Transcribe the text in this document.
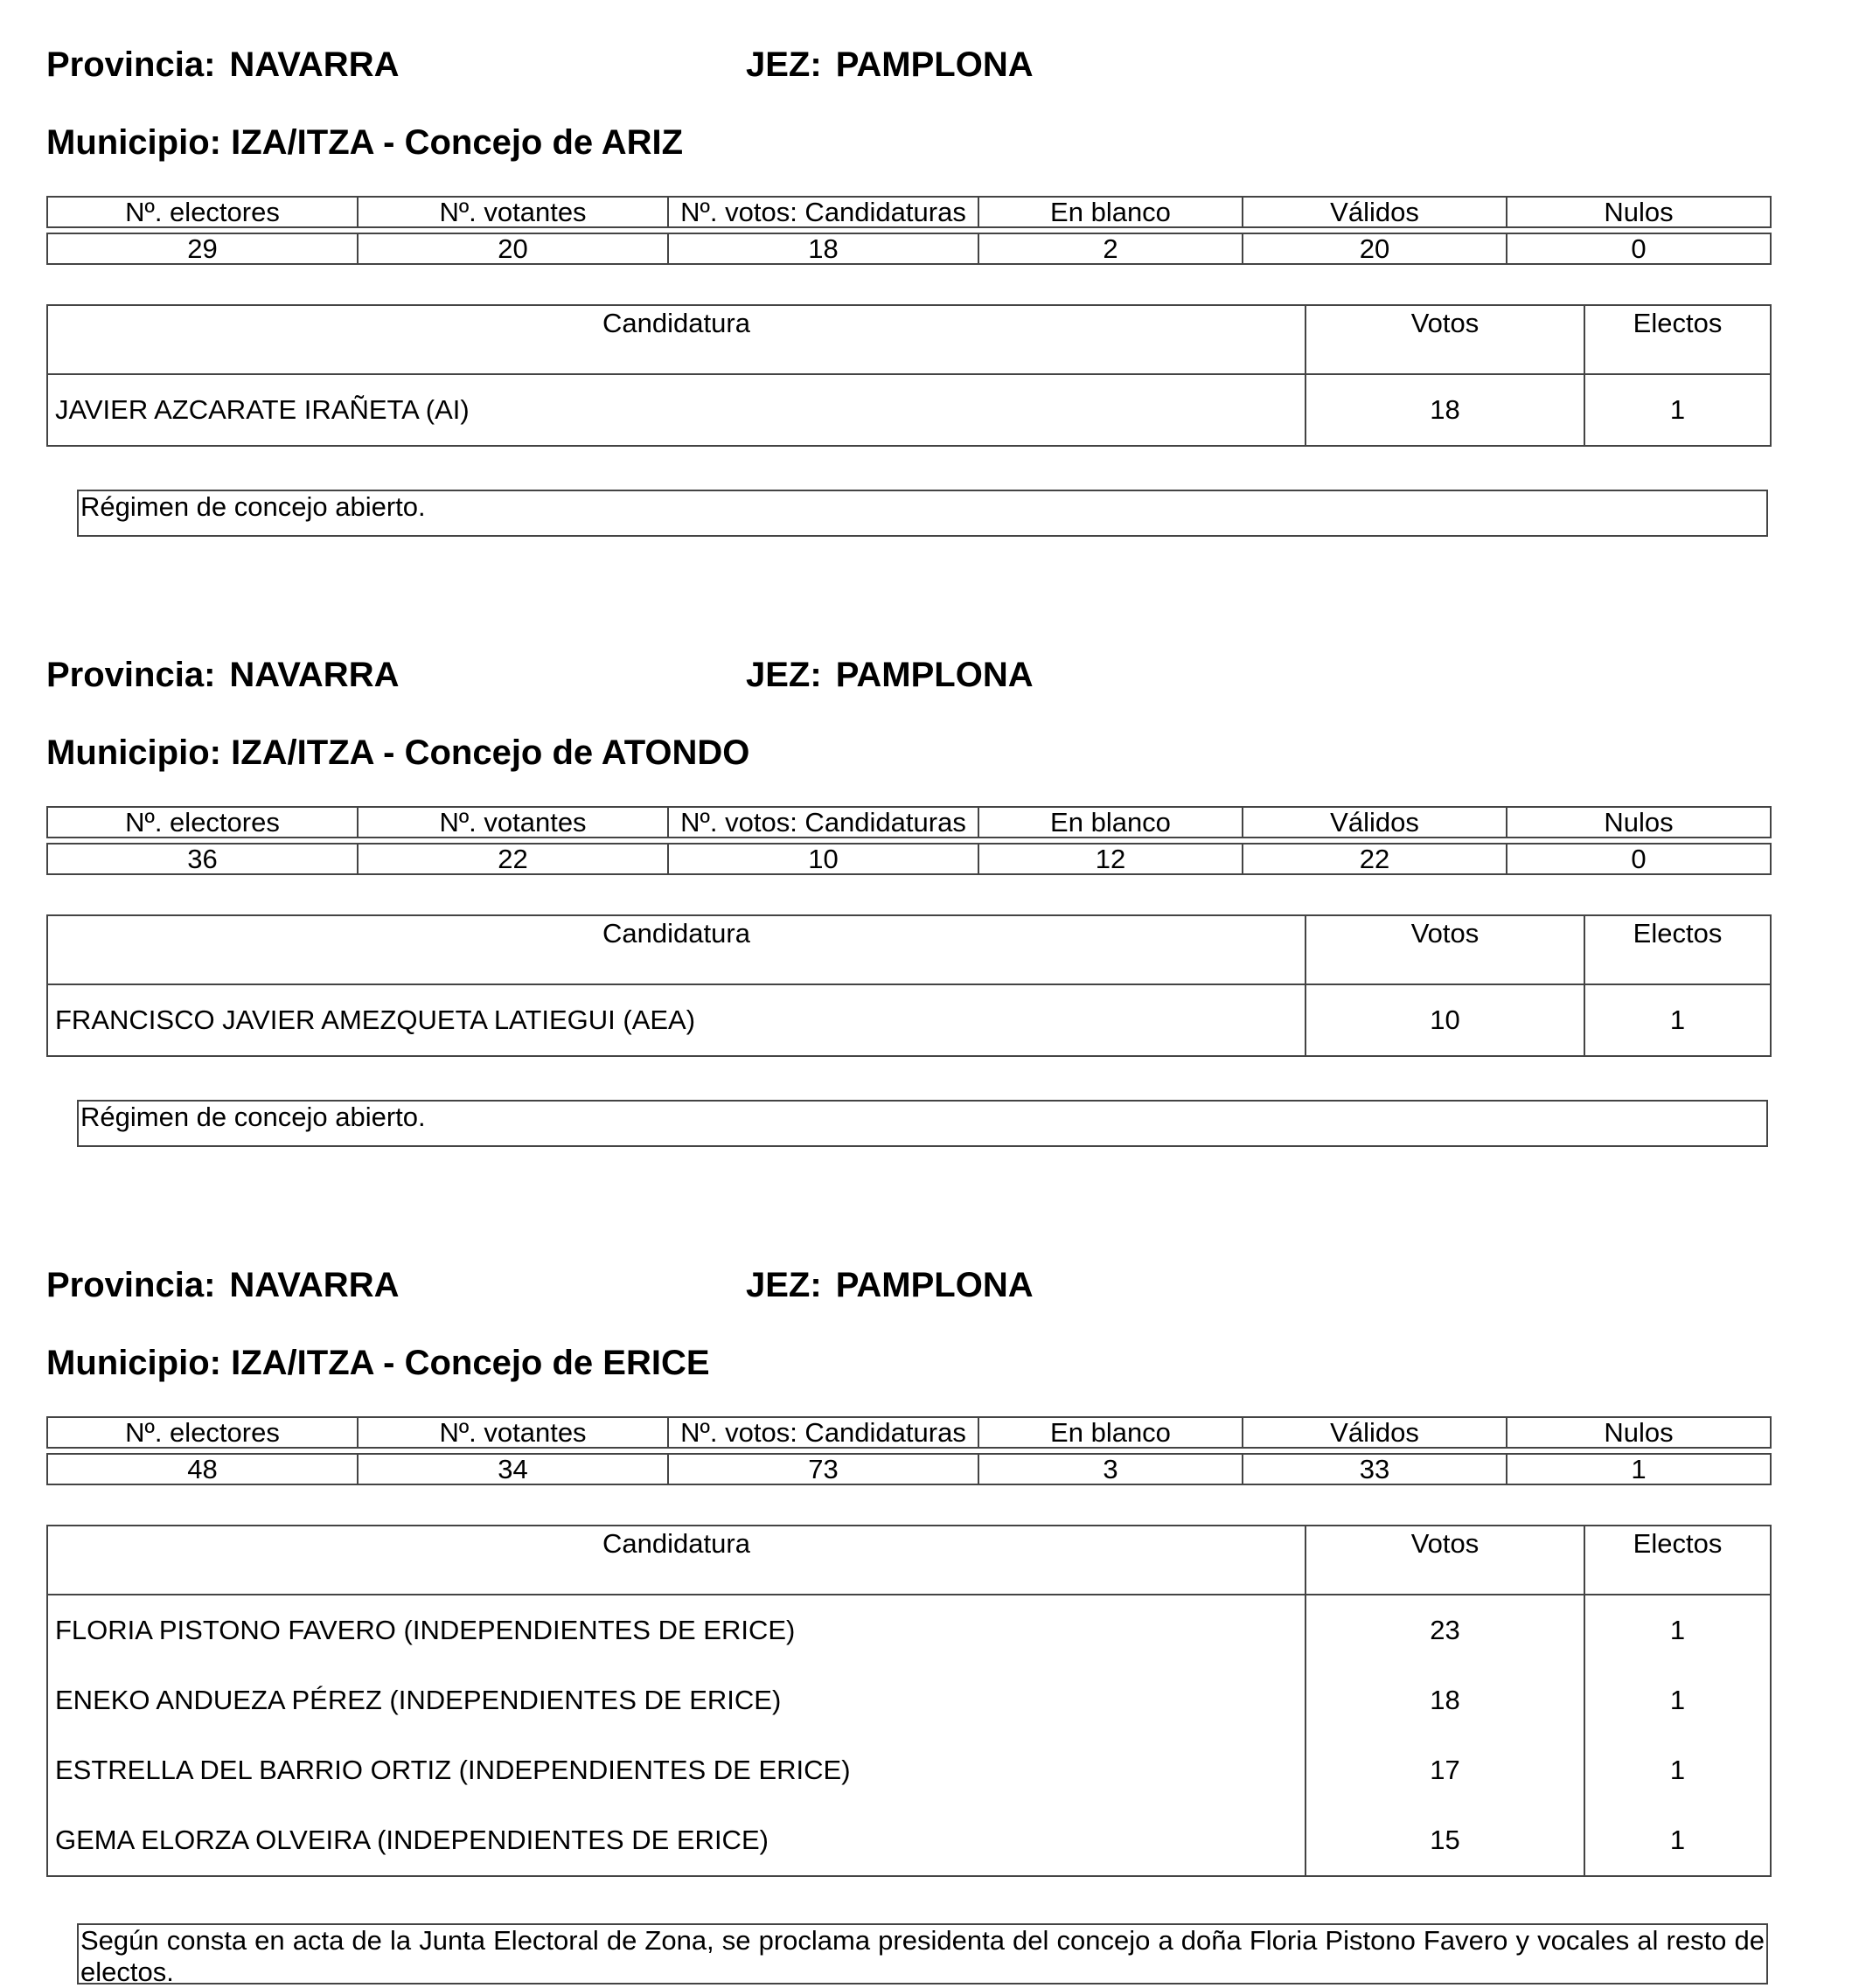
Provincia: NAVARRA	JEZ: PAMPLONA
Municipio: IZA/ITZA - Concejo de ARIZ
Nº. electores	Nº. votantes	Nº. votos: Candidaturas	En blanco	Válidos	Nulos

29	20	18	2	20	0
Candidatura	Votos	Electos
JAVIER AZCARATE IRAÑETA (AI)	18	1
Régimen de concejo abierto.
Provincia: NAVARRA	JEZ: PAMPLONA
Municipio: IZA/ITZA - Concejo de ATONDO
Nº. electores	Nº. votantes	Nº. votos: Candidaturas	En blanco	Válidos	Nulos

36	22	10	12	22	0
Candidatura	Votos	Electos
FRANCISCO JAVIER AMEZQUETA LATIEGUI (AEA)	10	1
Régimen de concejo abierto.
Provincia: NAVARRA	JEZ: PAMPLONA
Municipio: IZA/ITZA - Concejo de ERICE
Nº. electores	Nº. votantes	Nº. votos: Candidaturas	En blanco	Válidos	Nulos

48	34	73	3	33	1
Candidatura	Votos	Electos
FLORIA PISTONO FAVERO (INDEPENDIENTES DE ERICE)	23	1
ENEKO ANDUEZA PÉREZ (INDEPENDIENTES DE ERICE)	18	1
ESTRELLA DEL BARRIO ORTIZ (INDEPENDIENTES DE ERICE)	17	1
GEMA ELORZA OLVEIRA (INDEPENDIENTES DE ERICE)	15	1
Según consta en acta de la Junta Electoral de Zona, se proclama presidenta del concejo a doña Floria Pistono Favero y vocales al resto de electos.
